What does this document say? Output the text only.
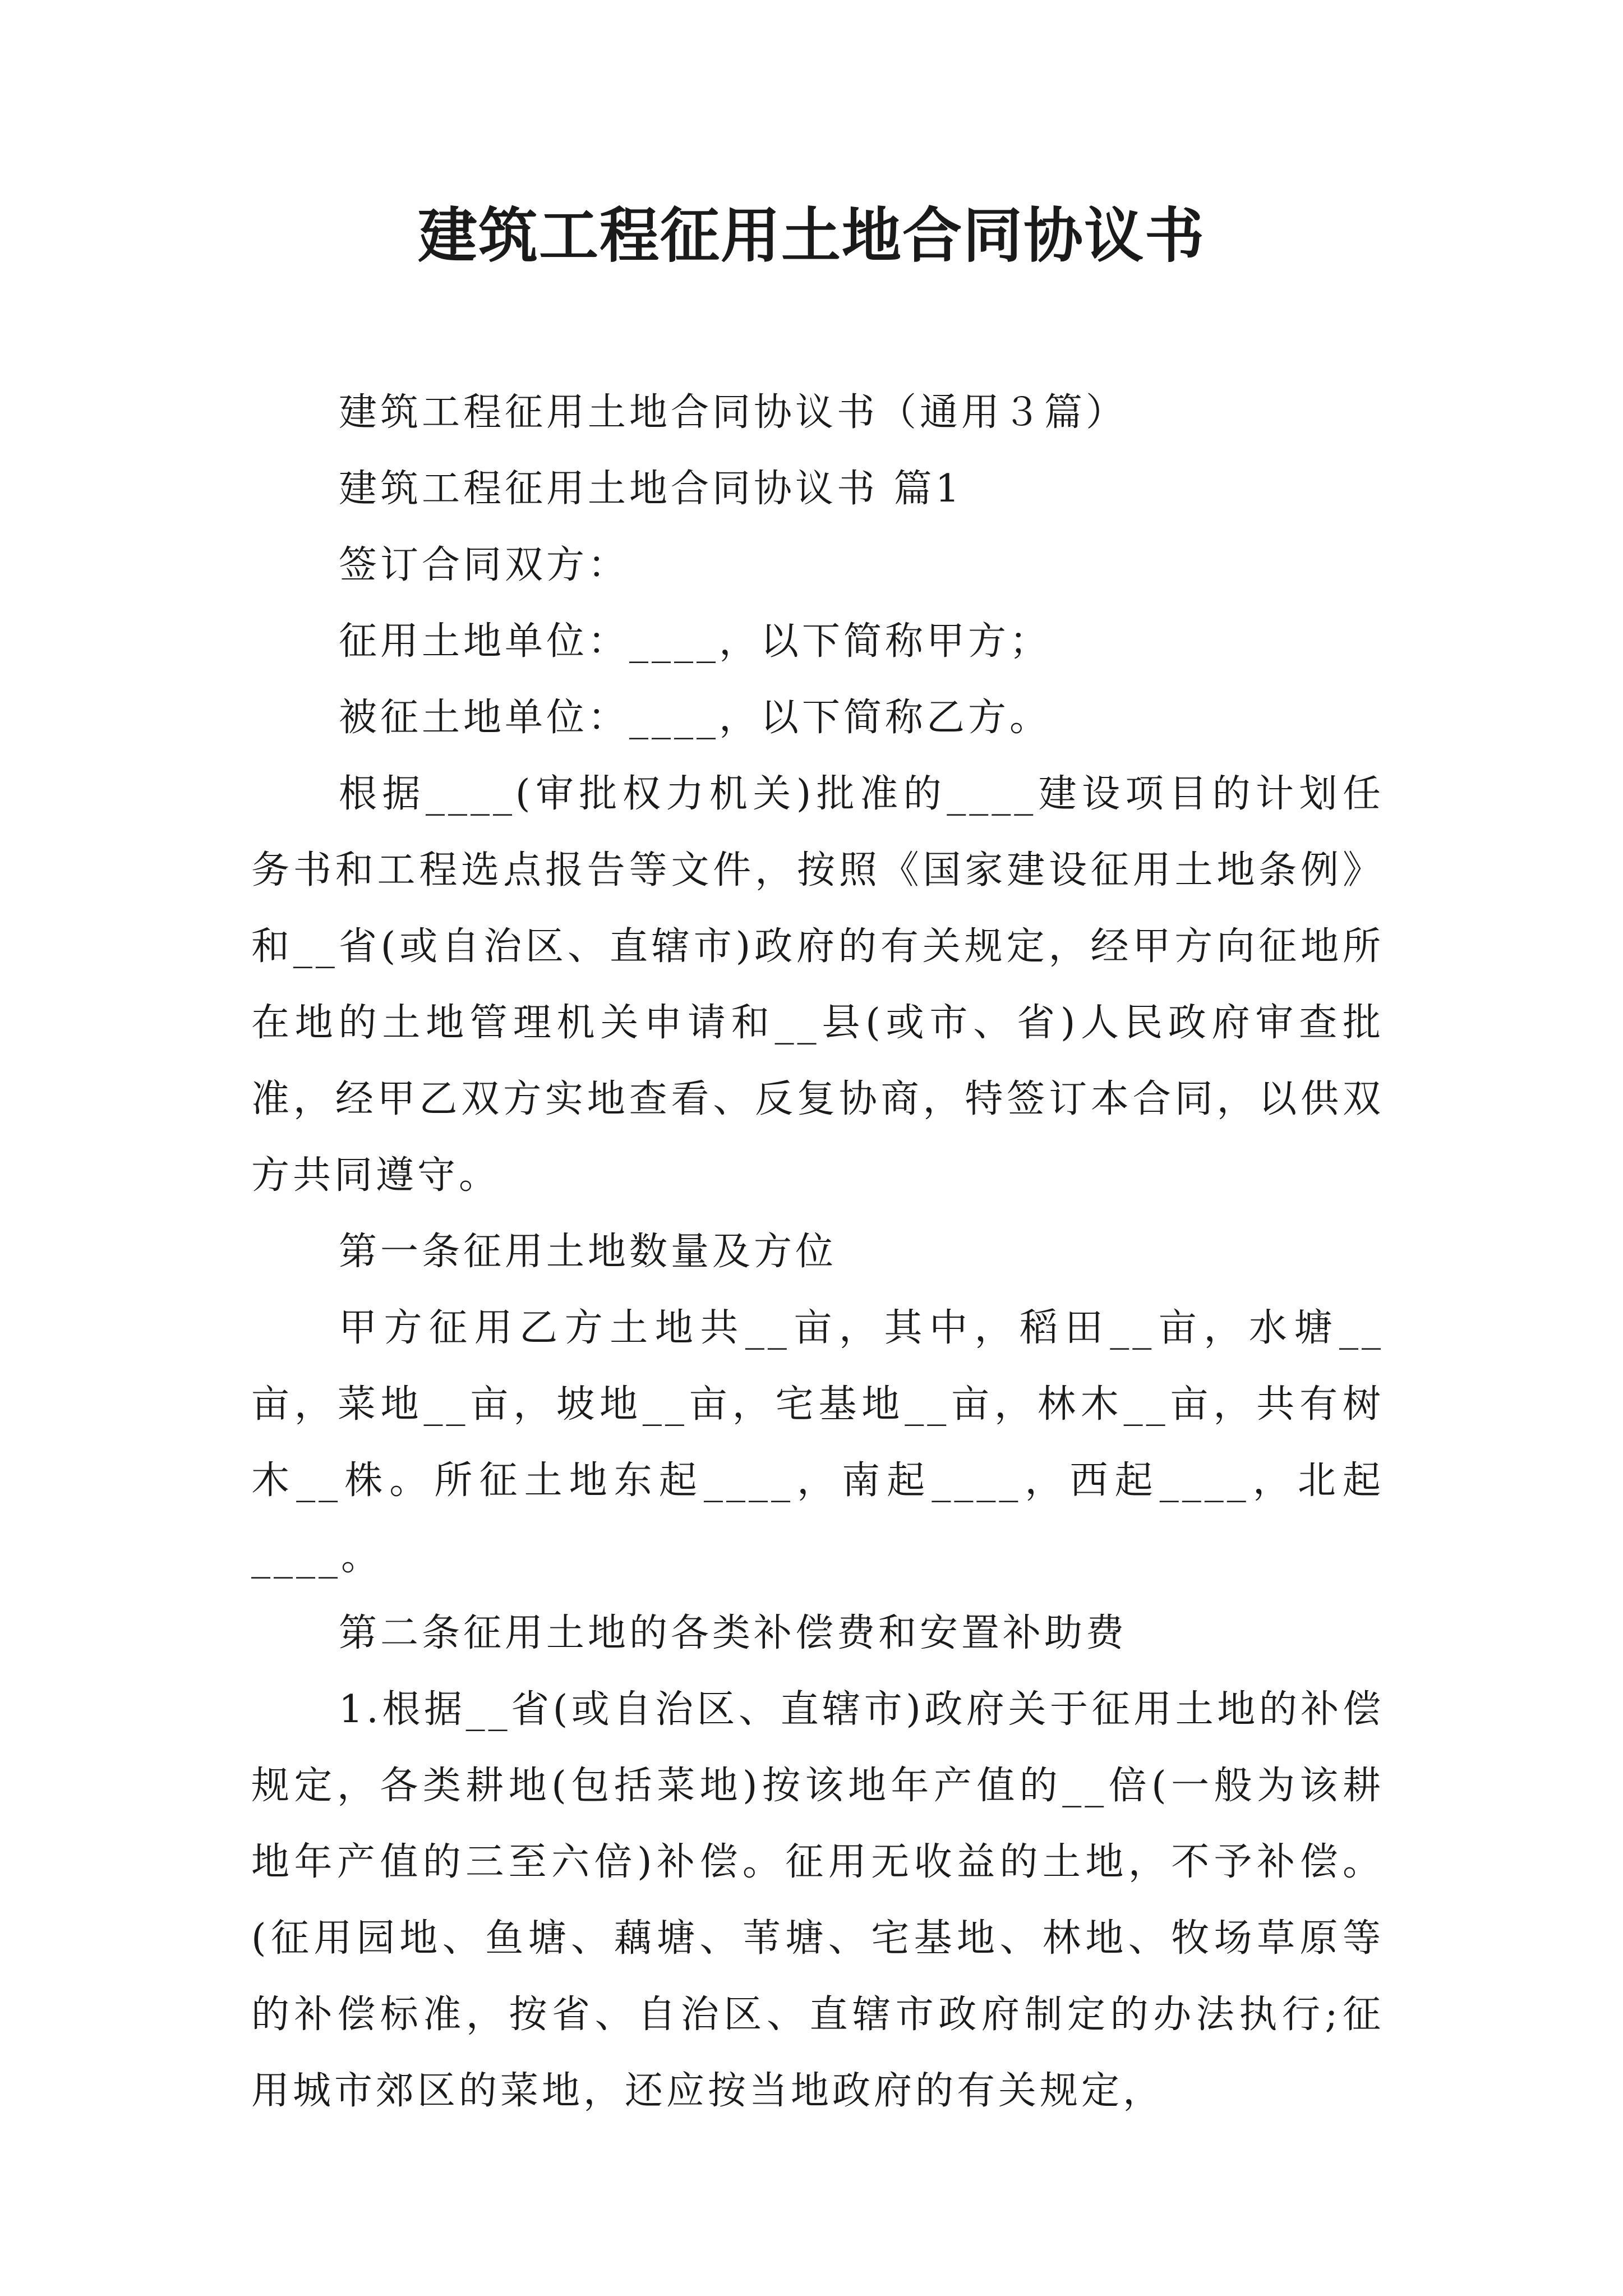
建筑工程征用土地合同协议书

建筑工程征用土地合同协议书（通用３篇）

建筑工程征用土地合同协议书 篇1

签订合同双方：

征用土地单位：____，以下简称甲方；

被征土地单位：____，以下简称乙方。

根据____(审批权力机关)批准的____建设项目的计划任务书和工程选点报告等文件，按照《国家建设征用土地条例》和__省(或自治区、直辖市)政府的有关规定，经甲方向征地所在地的土地管理机关申请和__县(或市、省)人民政府审查批准，经甲乙双方实地查看、反复协商，特签订本合同，以供双方共同遵守。

第一条征用土地数量及方位

甲方征用乙方土地共__亩，其中，稻田__亩，水塘__亩，菜地__亩，坡地__亩，宅基地__亩，林木__亩，共有树木__株。所征土地东起____，南起____，西起____，北起____。

第二条征用土地的各类补偿费和安置补助费

1.根据__省(或自治区、直辖市)政府关于征用土地的补偿规定，各类耕地(包括菜地)按该地年产值的__倍(一般为该耕地年产值的三至六倍)补偿。征用无收益的土地，不予补偿。(征用园地、鱼塘、藕塘、苇塘、宅基地、林地、牧场草原等的补偿标准，按省、自治区、直辖市政府制定的办法执行;征用城市郊区的菜地，还应按当地政府的有关规定，
